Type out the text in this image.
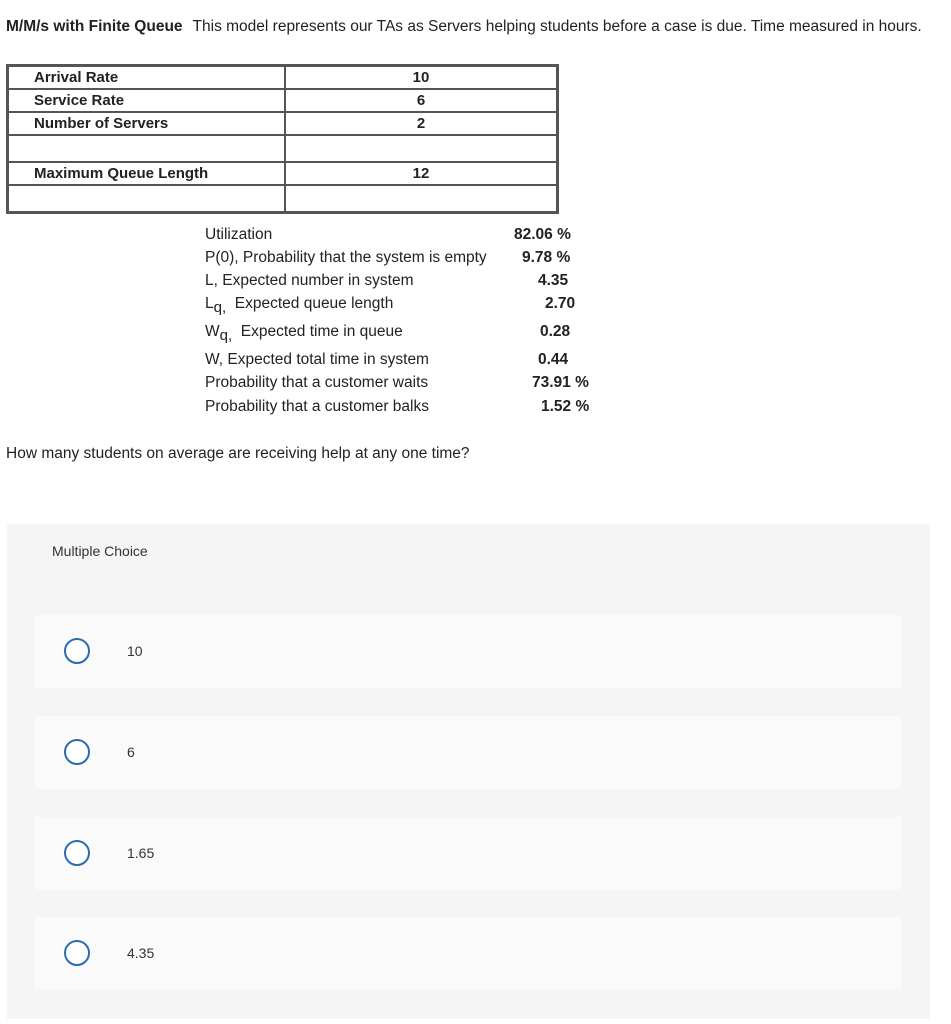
M/M/s with Finite Queue This model represents our TAs as Servers helping students before a case is due. Time measured in hours.
Arrival Rate	10
Service Rate	6
Number of Servers	2

Maximum Queue Length	12

Utilization	82.06 %
P(0), Probability that the system is empty 9.78 %
L, Expected number in system	4.35
Lq, Expected queue length	2.70
Wq, Expected time in queue	0.28
W, Expected total time in system	0.44
Probability that a customer waits	73.91 %
Probability that a customer balks	1.52 %
How many students on average are receiving help at any one time?
Multiple Choice
10
6
1.65
4.35
